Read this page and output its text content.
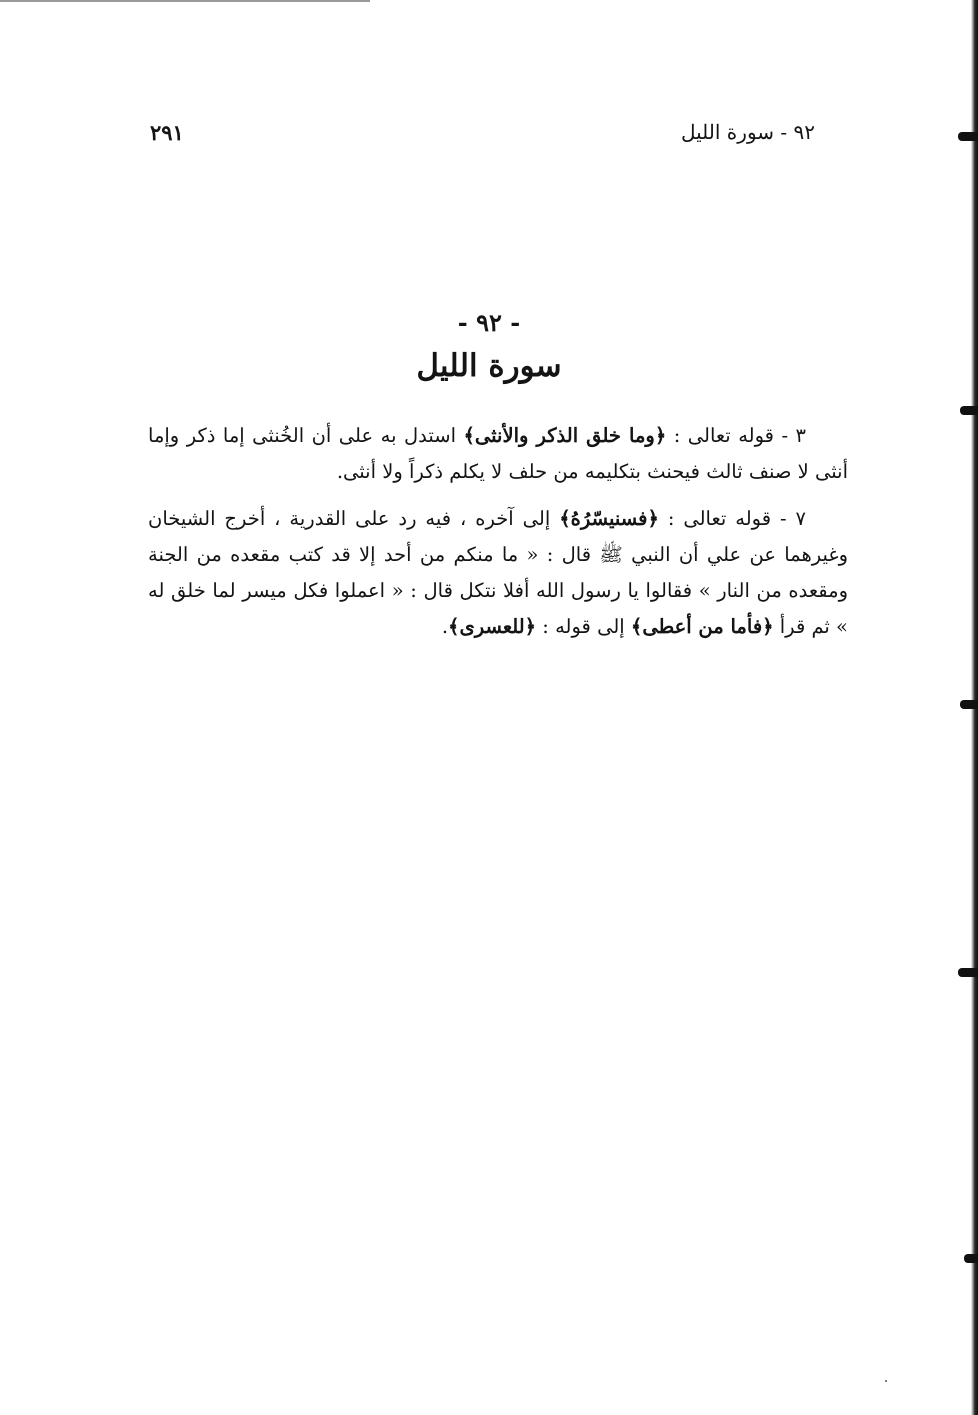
٢٩١	٩٢ - سورة الليل
- ٩٢ -
سورة الليل

٣ - قوله تعالى : ﴿وما خلق الذكر والأنثى﴾ استدل به على أن الخُنثى إما ذكر وإما أنثى لا صنف ثالث فيحنث بتكليمه من حلف لا يكلم ذكراً ولا أنثى.

٧ - قوله تعالى : ﴿فسنيسّرُهُ﴾ إلى آخره ، فيه رد على القدرية ، أخرج الشيخان وغيرهما عن علي أن النبي ﷺ قال : « ما منكم من أحد إلا قد كتب مقعده من الجنة ومقعده من النار » فقالوا يا رسول الله أفلا نتكل قال : « اعملوا فكل ميسر لما خلق له » ثم قرأ ﴿فأما من أعطى﴾ إلى قوله : ﴿للعسرى﴾.
